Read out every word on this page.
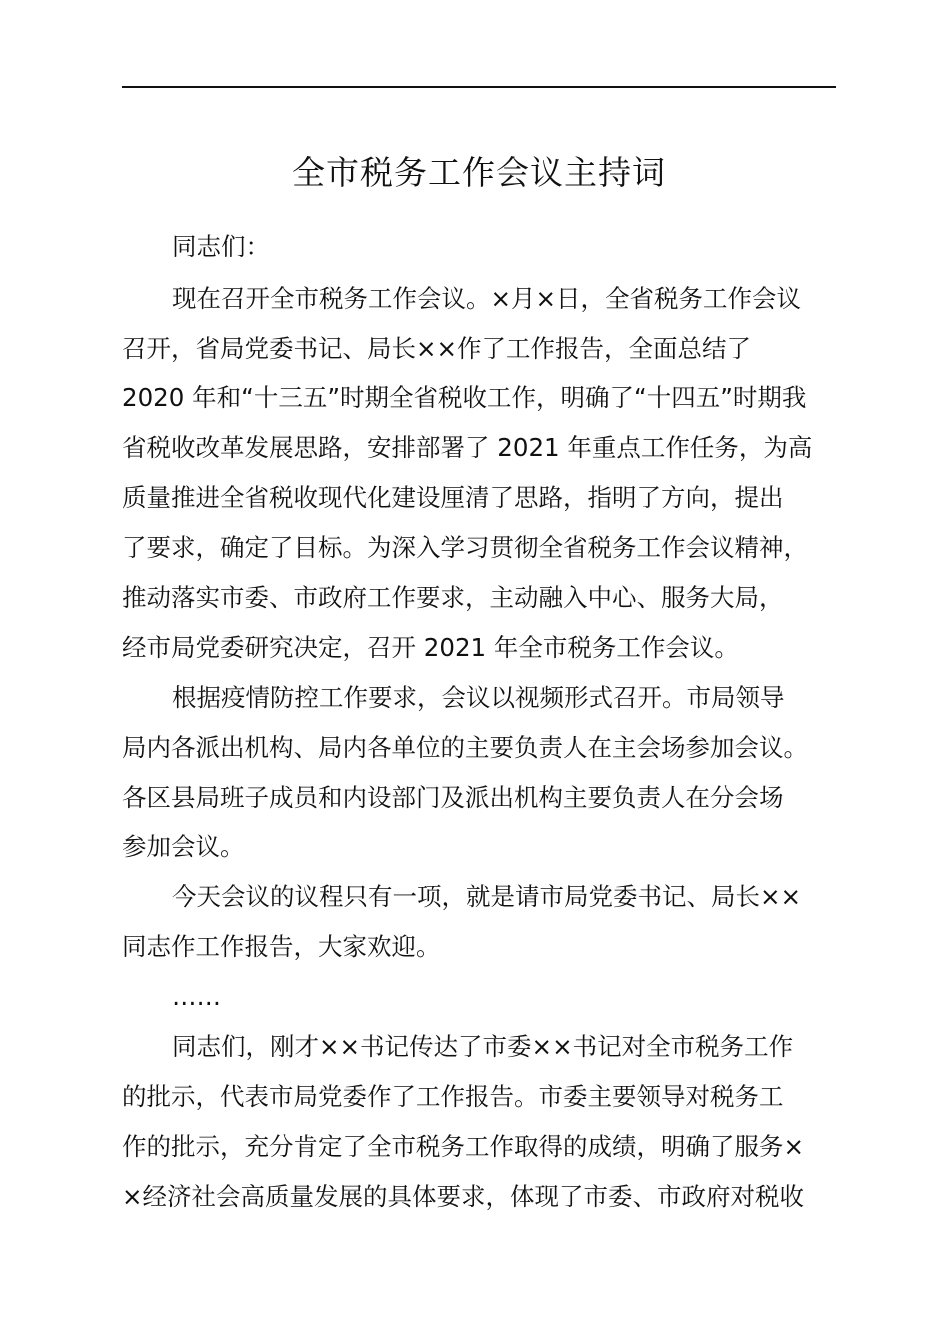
全市税务工作会议主持词
同志们：
现在召开全市税务工作会议。×月×日，全省税务工作会议
召开，省局党委书记、局长××作了工作报告，全面总结了
2020 年和“十三五”时期全省税收工作，明确了“十四五”时期我
省税收改革发展思路，安排部署了 2021 年重点工作任务，为高
质量推进全省税收现代化建设厘清了思路，指明了方向，提出
了要求，确定了目标。为深入学习贯彻全省税务工作会议精神，
推动落实市委、市政府工作要求，主动融入中心、服务大局，
经市局党委研究决定，召开 2021 年全市税务工作会议。
根据疫情防控工作要求，会议以视频形式召开。市局领导
局内各派出机构、局内各单位的主要负责人在主会场参加会议。
各区县局班子成员和内设部门及派出机构主要负责人在分会场
参加会议。
今天会议的议程只有一项，就是请市局党委书记、局长××
同志作工作报告，大家欢迎。
……
同志们，刚才××书记传达了市委××书记对全市税务工作
的批示，代表市局党委作了工作报告。市委主要领导对税务工
作的批示，充分肯定了全市税务工作取得的成绩，明确了服务×
×经济社会高质量发展的具体要求，体现了市委、市政府对税收
